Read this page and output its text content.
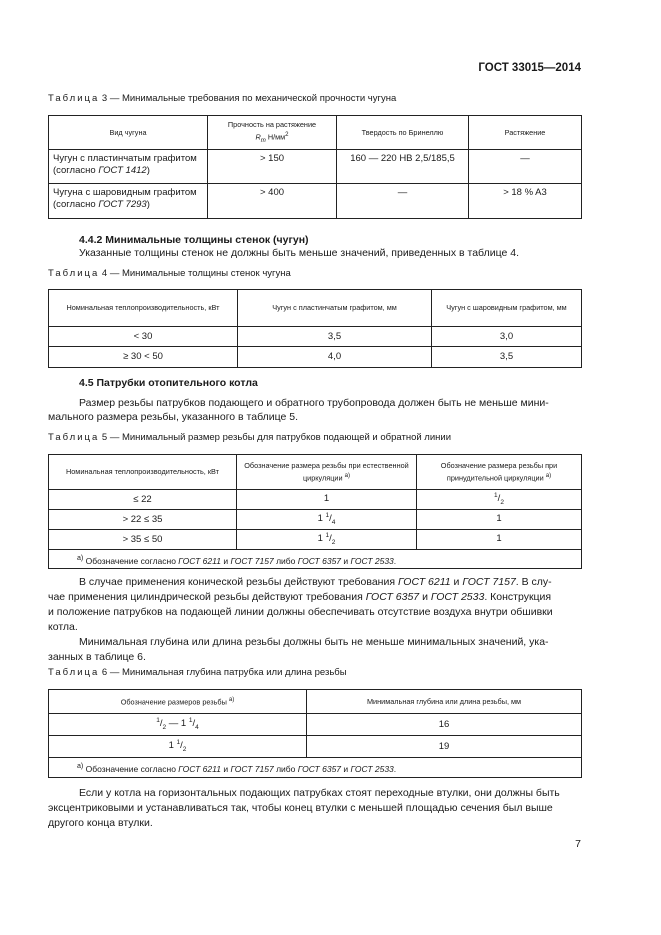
ГОСТ 33015—2014
Таблица 3 — Минимальные требования по механической прочности чугуна
Вид чугуна	Прочность на растяжение
$R_m$ $Н/мм^2$	Твердость по Бринеллю	Растяжение
Чугун с пластинчатым графитом
(согласно ГОСТ 1412)	> 150	160 — 220 HB 2,5/185,5	—
Чугуна с шаровидным графитом
(согласно ГОСТ 7293)	> 400	—	> 18 % A3
4.4.2 Минимальные толщины стенок (чугун)
Указанные толщины стенок не должны быть меньше значений, приведенных в таблице 4.
Таблица 4 — Минимальные толщины стенок чугуна
Номинальная теплопроизводительность, кВт	Чугун с пластинчатым графитом, мм	Чугун с шаровидным графитом, мм
< 30	3,5	3,0
≥ 30 < 50	4,0	3,5
4.5 Патрубки отопительного котла
Размер резьбы патрубков подающего и обратного трубопровода должен быть не меньше мини-
мального размера резьбы, указанного в таблице 5.
Таблица 5 — Минимальный размер резьбы для патрубков подающей и обратной линии
Номинальная теплопроизводительность, кВт	Обозначение размера резьбы при естественной циркуляции $^{а)}$	Обозначение размера резьбы при принудительной циркуляции $^{а)}$
≤ 22	1	$^1/_2$
> 22 ≤ 35	1 $^1/_4$	1
> 35 ≤ 50	1 $^1/_2$	1
$^{а)}$ Обозначение согласно ГОСТ 6211 и ГОСТ 7157 либо ГОСТ 6357 и ГОСТ 2533.		
В случае применения конической резьбы действуют требования ГОСТ 6211 и ГОСТ 7157. В слу-
чае применения цилиндрической резьбы действуют требования ГОСТ 6357 и ГОСТ 2533. Конструкция
и положение патрубков на подающей линии должны обеспечивать отсутствие воздуха внутри обшивки
котла.
Минимальная глубина или длина резьбы должны быть не меньше минимальных значений, ука-
занных в таблице 6.
Таблица 6 — Минимальная глубина патрубка или длина резьбы
Обозначение размеров резьбы $^{а)}$	Минимальная глубина или длина резьбы, мм
$^1/_2$ — 1 $^1/_4$	16
1 $^1/_2$	19
$^{а)}$ Обозначение согласно ГОСТ 6211 и ГОСТ 7157 либо ГОСТ 6357 и ГОСТ 2533.	
Если у котла на горизонтальных подающих патрубках стоят переходные втулки, они должны быть
эксцентриковыми и устанавливаться так, чтобы конец втулки с меньшей площадью сечения был выше
другого конца втулки.
7
